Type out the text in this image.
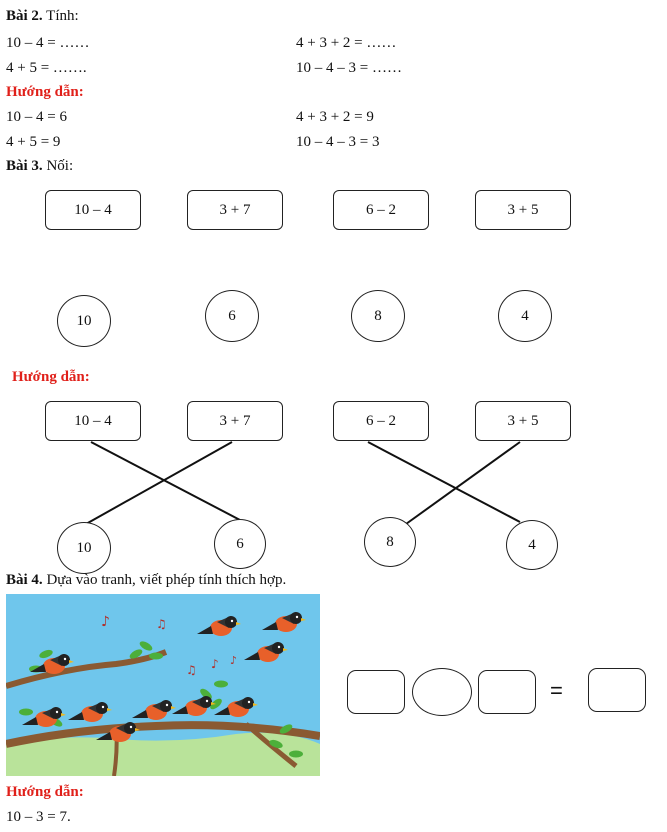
Bài 2. Tính:
10 – 4 = ……	4 + 3 + 2 = ……
4 + 5 = …….	10 – 4 – 3 = ……
Hướng dẫn:
10 – 4 = 6	4 + 3 + 2 = 9
4 + 5 = 9	10 – 4 – 3 = 3
Bài 3. Nối:
10 – 4	3 + 7	6 – 2	3 + 5
10	6	8	4
Hướng dẫn:
10 – 4	3 + 7	6 – 2	3 + 5
10	6	8	4
Bài 4. Dựa vào tranh, viết phép tính thích hợp.
♪	♫
♫ ♪ ♪
=
Hướng dẫn:
10 – 3 = 7.
